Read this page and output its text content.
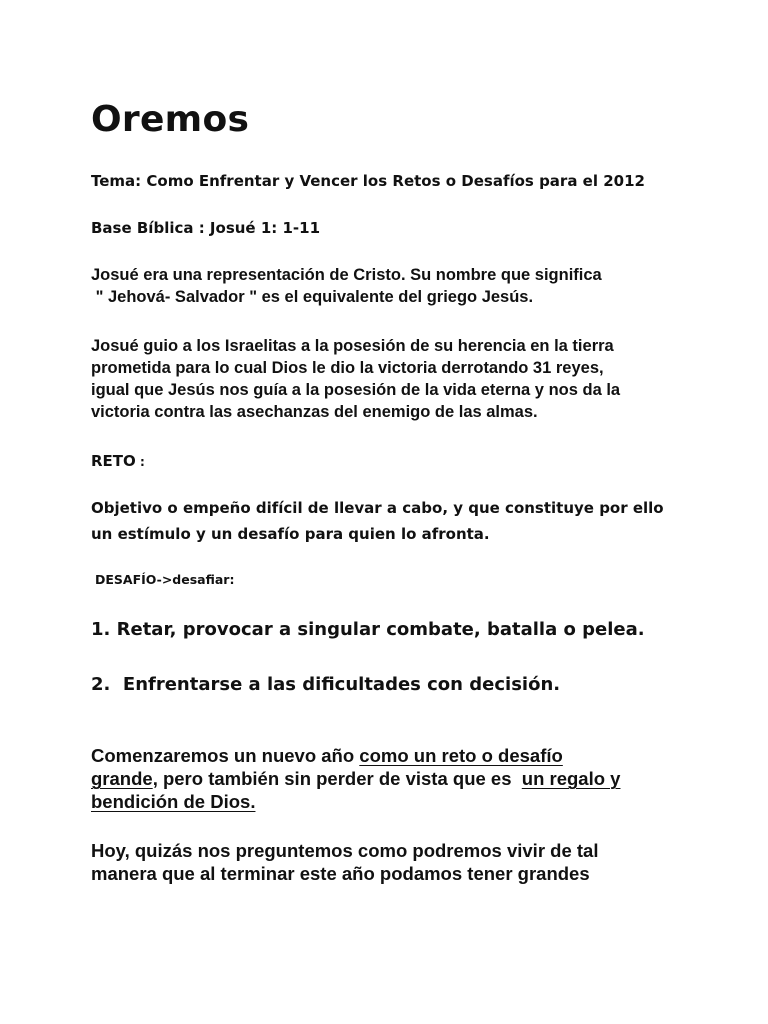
Oremos

Tema: Como Enfrentar y Vencer los Retos o Desafíos para el 2012

Base Bíblica : Josué 1: 1-11

Josué era una representación de Cristo. Su nombre que significa
" Jehová- Salvador " es el equivalente del griego Jesús.

Josué guio a los Israelitas a la posesión de su herencia en la tierra
prometida para lo cual Dios le dio la victoria derrotando 31 reyes,
igual que Jesús nos guía a la posesión de la vida eterna y nos da la
victoria contra las asechanzas del enemigo de las almas.

RETO :

Objetivo o empeño difícil de llevar a cabo, y que constituye por ello
un estímulo y un desafío para quien lo afronta.

DESAFÍO->desafiar:

1. Retar, provocar a singular combate, batalla o pelea.

2.  Enfrentarse a las dificultades con decisión.

Comenzaremos un nuevo año como un reto o desafío
grande, pero también sin perder de vista que es  un regalo y
bendición de Dios.

Hoy, quizás nos preguntemos como podremos vivir de tal
manera que al terminar este año podamos tener grandes
